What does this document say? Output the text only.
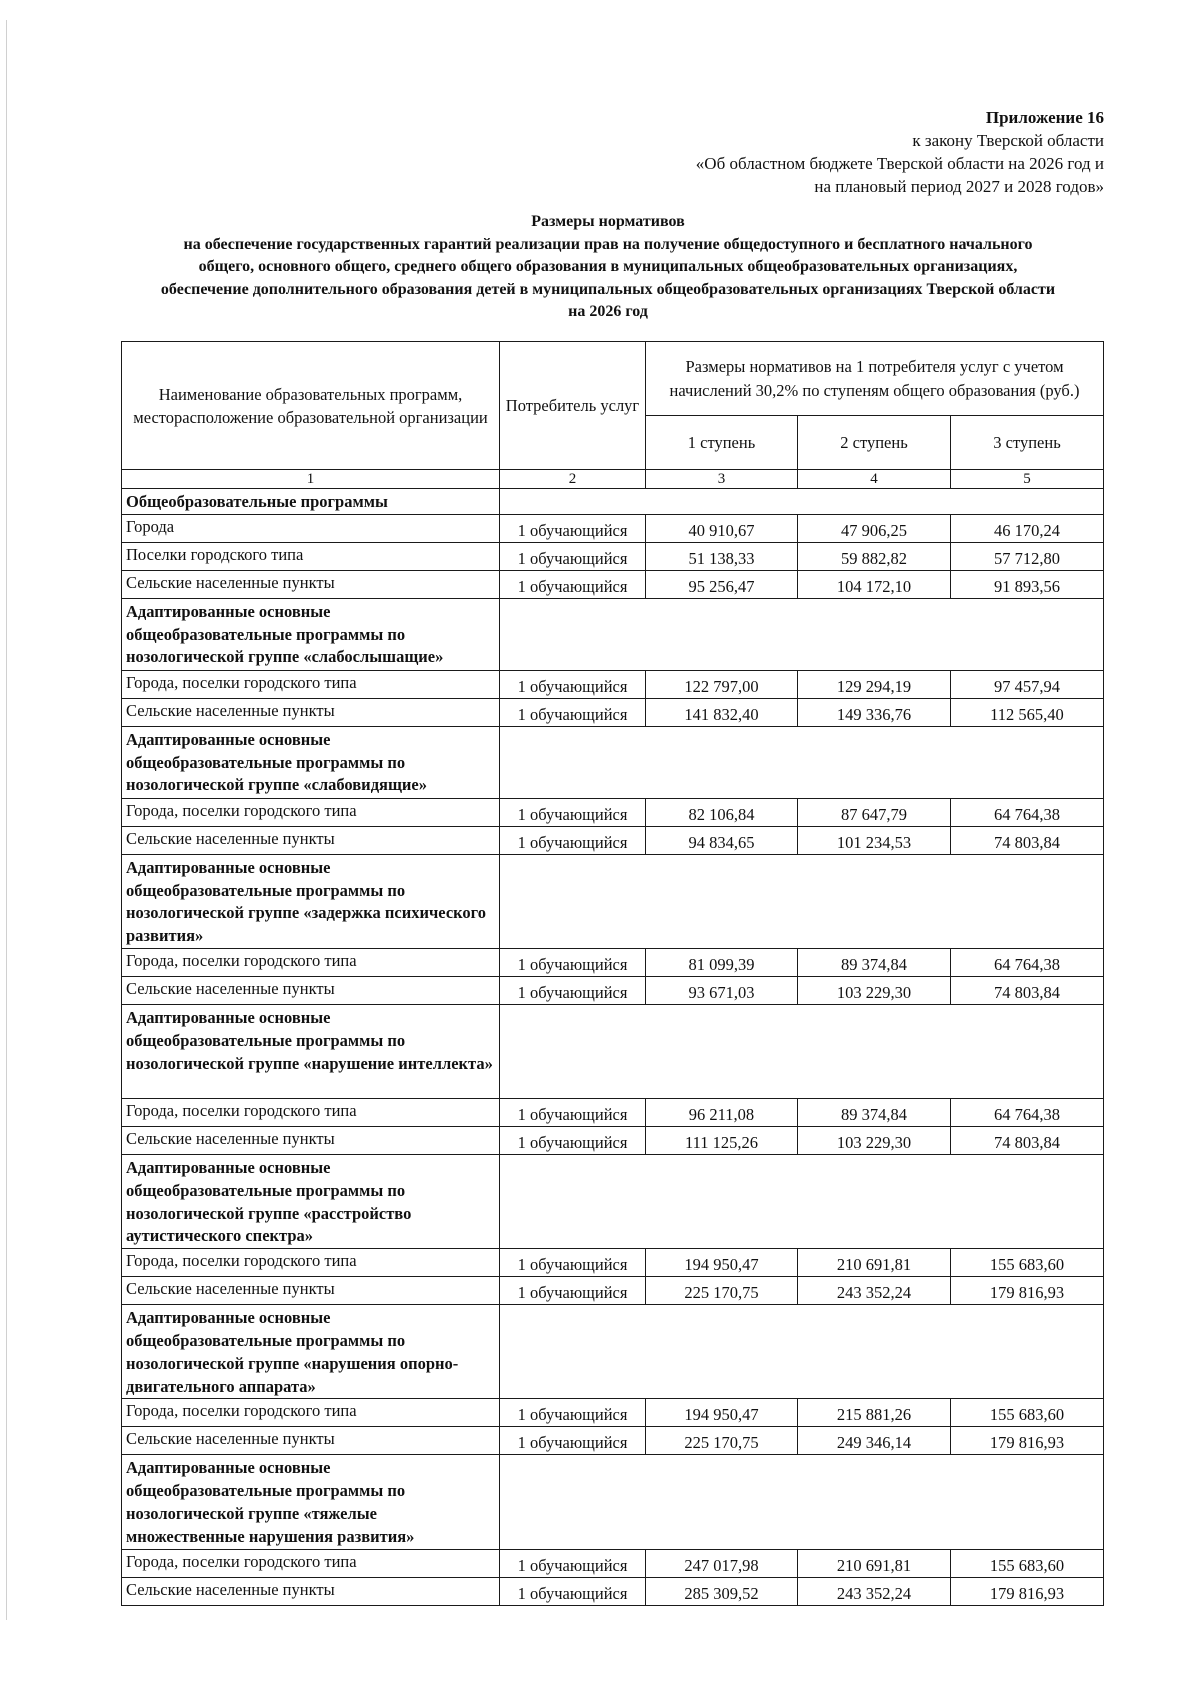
Приложение 16
к закону Тверской области
«Об областном бюджете Тверской области на 2026 год и
на плановый период 2027 и 2028 годов»
Размеры нормативов
на обеспечение государственных гарантий реализации прав на получение общедоступного и бесплатного начального
общего, основного общего, среднего общего образования в муниципальных общеобразовательных организациях,
обеспечение дополнительного образования детей в муниципальных общеобразовательных организациях Тверской области
на 2026 год
Наименование образовательных программ, месторасположение образовательной организации	Потребитель услуг	Размеры нормативов на 1 потребителя услуг с учетом начислений 30,2% по ступеням общего образования (руб.)		
		1 ступень	2 ступень	3 ступень
1	2	3	4	5
Общеобразовательные программы				
Города	1 обучающийся	40 910,67	47 906,25	46 170,24
Поселки городского типа	1 обучающийся	51 138,33	59 882,82	57 712,80
Сельские населенные пункты	1 обучающийся	95 256,47	104 172,10	91 893,56
Адаптированные основные общеобразовательные программы по нозологической группе «слабослышащие»				
Города, поселки городского типа	1 обучающийся	122 797,00	129 294,19	97 457,94
Сельские населенные пункты	1 обучающийся	141 832,40	149 336,76	112 565,40
Адаптированные основные общеобразовательные программы по нозологической группе «слабовидящие»				
Города, поселки городского типа	1 обучающийся	82 106,84	87 647,79	64 764,38
Сельские населенные пункты	1 обучающийся	94 834,65	101 234,53	74 803,84
Адаптированные основные общеобразовательные программы по нозологической группе «задержка психического развития»				
Города, поселки городского типа	1 обучающийся	81 099,39	89 374,84	64 764,38
Сельские населенные пункты	1 обучающийся	93 671,03	103 229,30	74 803,84
Адаптированные основные общеобразовательные программы по нозологической группе «нарушение интеллекта»				
Города, поселки городского типа	1 обучающийся	96 211,08	89 374,84	64 764,38
Сельские населенные пункты	1 обучающийся	111 125,26	103 229,30	74 803,84
Адаптированные основные общеобразовательные программы по нозологической группе «расстройство аутистического спектра»				
Города, поселки городского типа	1 обучающийся	194 950,47	210 691,81	155 683,60
Сельские населенные пункты	1 обучающийся	225 170,75	243 352,24	179 816,93
Адаптированные основные общеобразовательные программы по нозологической группе «нарушения опорно-двигательного аппарата»				
Города, поселки городского типа	1 обучающийся	194 950,47	215 881,26	155 683,60
Сельские населенные пункты	1 обучающийся	225 170,75	249 346,14	179 816,93
Адаптированные основные общеобразовательные программы по нозологической группе «тяжелые множественные нарушения развития»				
Города, поселки городского типа	1 обучающийся	247 017,98	210 691,81	155 683,60
Сельские населенные пункты	1 обучающийся	285 309,52	243 352,24	179 816,93
